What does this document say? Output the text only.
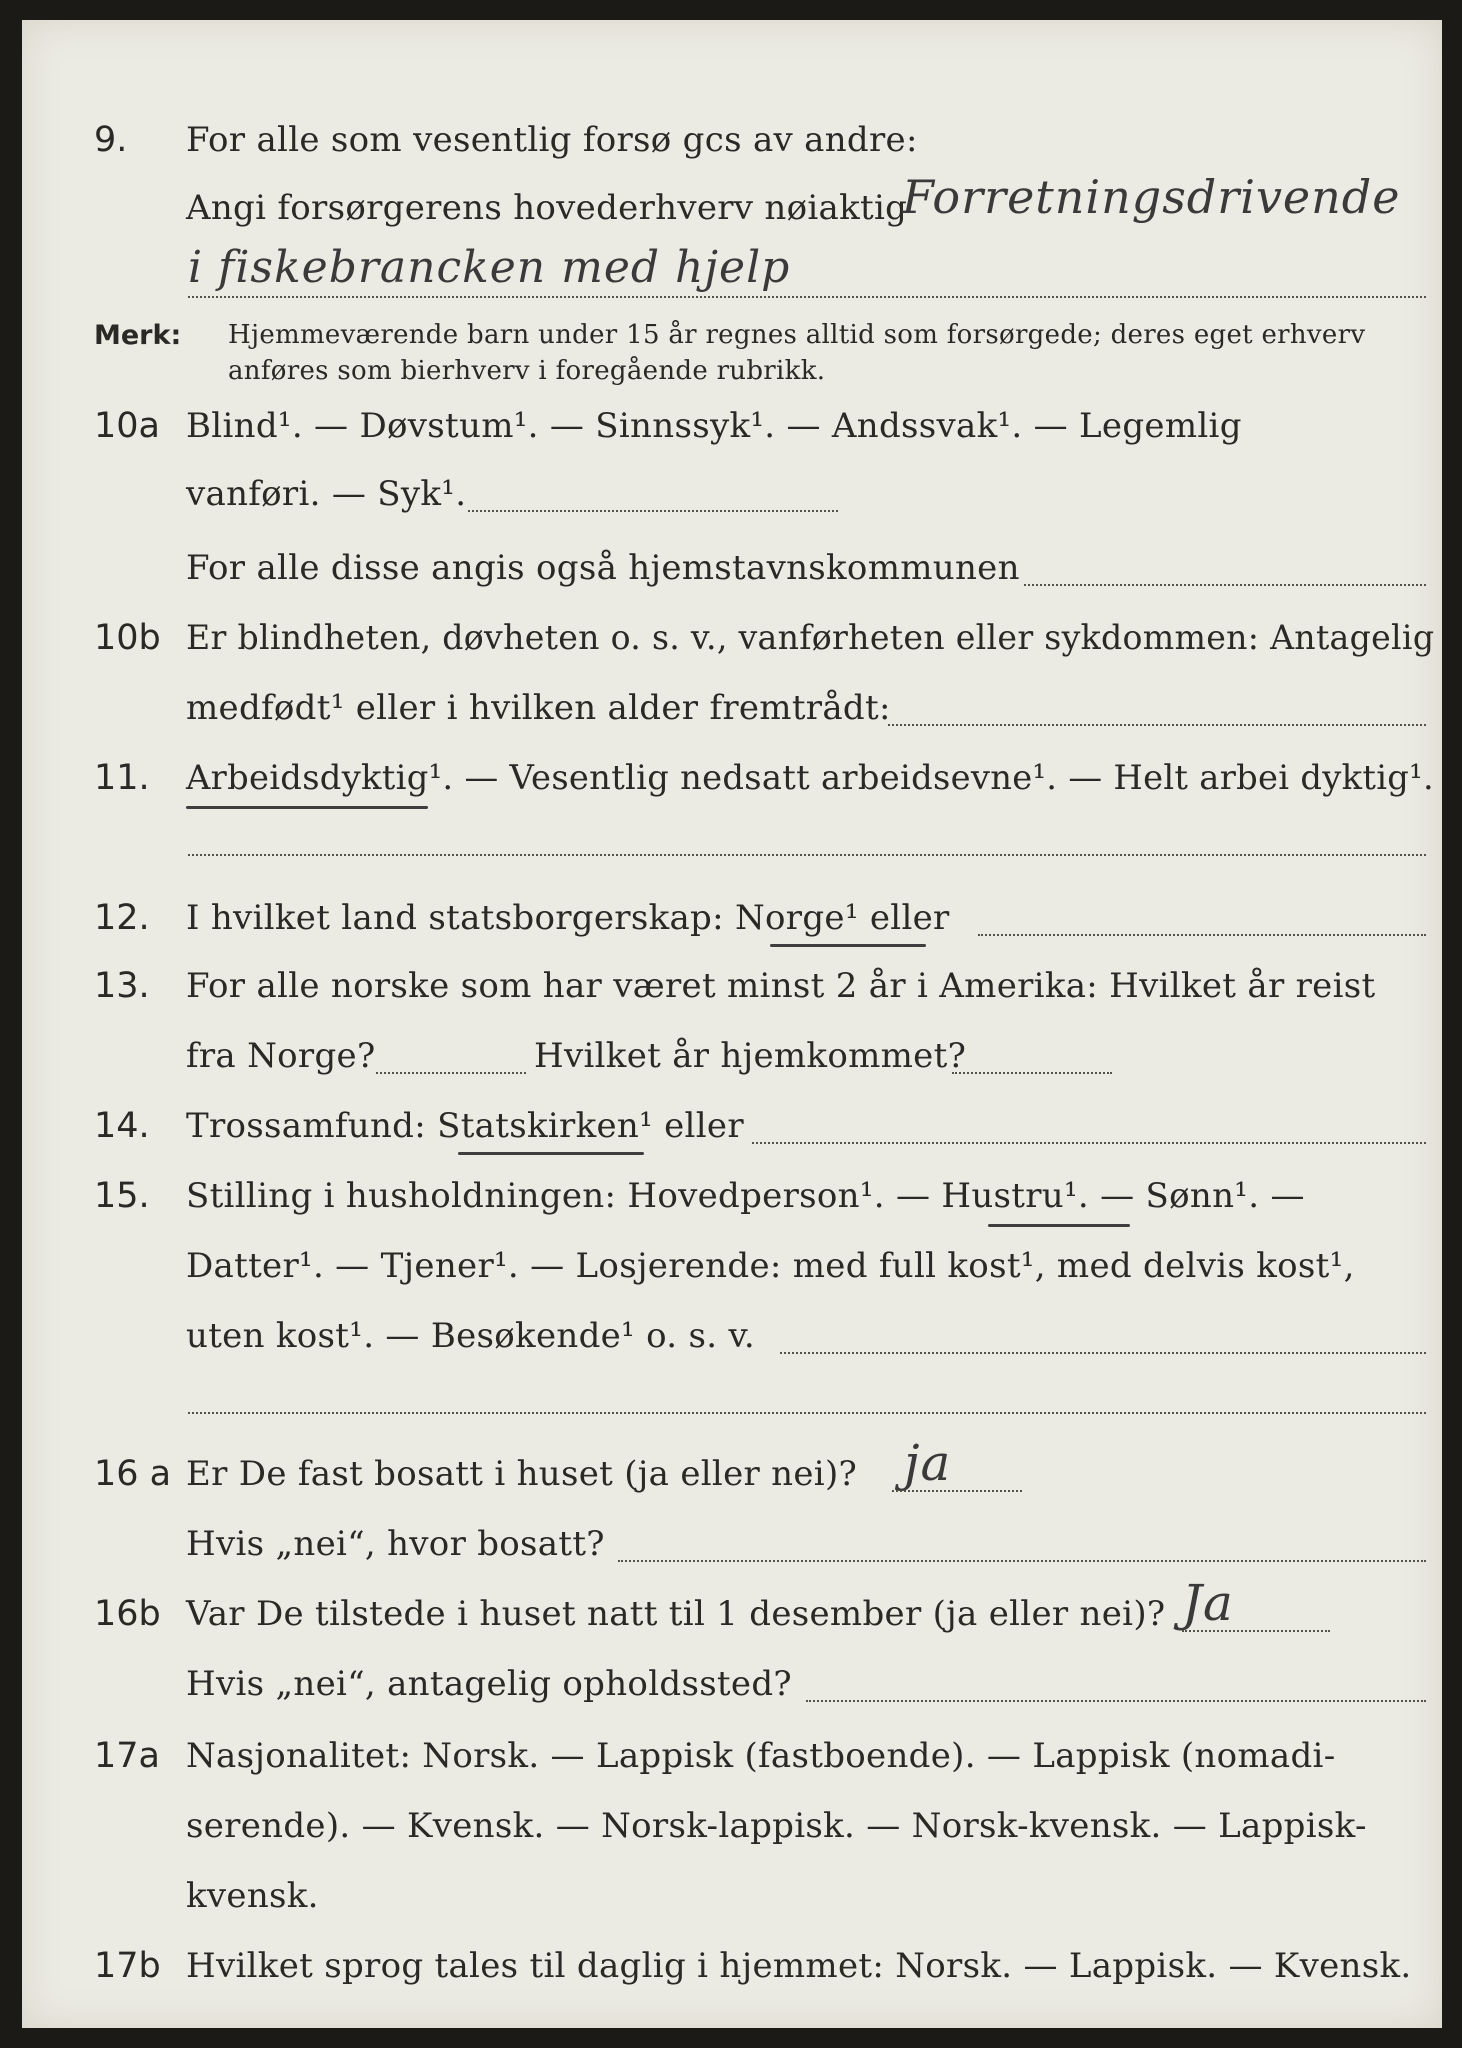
9.	For alle som vesentlig forsø gcs av andre:
Angi forsørgerens hovederhverv nøiaktig
Forretningsdrivende
i fiskebrancken med hjelp
Merk: Hjemmeværende barn under 15 år regnes alltid som forsørgede; deres eget erhverv
anføres som bierhverv i foregående rubrikk.
10a Blind¹. — Døvstum¹. — Sinnssyk¹. — Andssvak¹. — Legemlig
vanføri. — Syk¹.
For alle disse angis også hjemstavnskommunen
10b Er blindheten, døvheten o. s. v., vanførheten eller sykdommen: Antagelig
medfødt¹ eller i hvilken alder fremtrådt:
11.	Arbeidsdyktig¹. — Vesentlig nedsatt arbeidsevne¹. — Helt arbei dyktig¹.
12.	I hvilket land statsborgerskap: Norge¹ eller
13.	For alle norske som har været minst 2 år i Amerika: Hvilket år reist
fra Norge?	Hvilket år hjemkommet?
14.	Trossamfund: Statskirken¹ eller
15.	Stilling i husholdningen: Hovedperson¹. — Hustru¹. — Sønn¹. —
Datter¹. — Tjener¹. — Losjerende: med full kost¹, med delvis kost¹,
uten kost¹. — Besøkende¹ o. s. v.
16 a Er De fast bosatt i huset (ja eller nei)? ja
Hvis „nei“, hvor bosatt?
16b Var De tilstede i huset natt til 1 desember (ja eller nei)? Ja
Hvis „nei“, antagelig opholdssted?
17a Nasjonalitet: Norsk. — Lappisk (fastboende). — Lappisk (nomadi-
serende). — Kvensk. — Norsk-lappisk. — Norsk-kvensk. — Lappisk-
kvensk.
17b Hvilket sprog tales til daglig i hjemmet: Norsk. — Lappisk. — Kvensk.
